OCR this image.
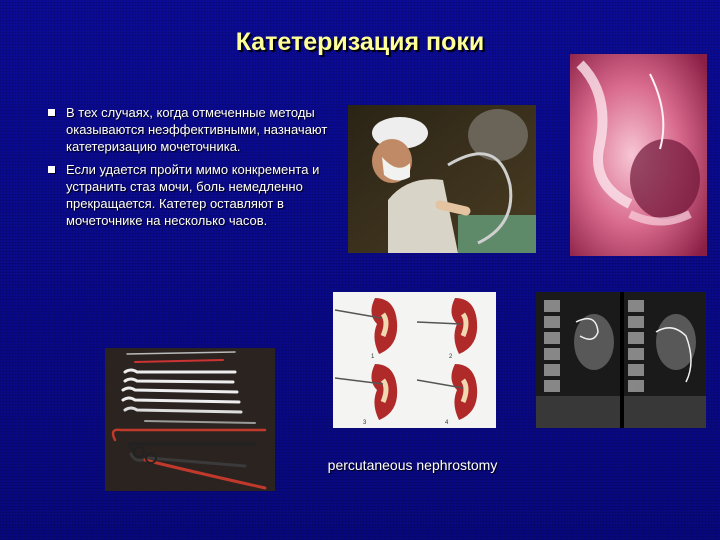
Катетеризация поки
В тех случаях, когда отмеченные методы оказываются неэффективными, назначают катетеризацию мочеточника.
Если удается пройти мимо конкремента и устранить стаз мочи, боль немедленно прекращается. Катетер оставляют в мочеточнике на несколько часов.
1	2
3	4
percutaneous nephrostomy
